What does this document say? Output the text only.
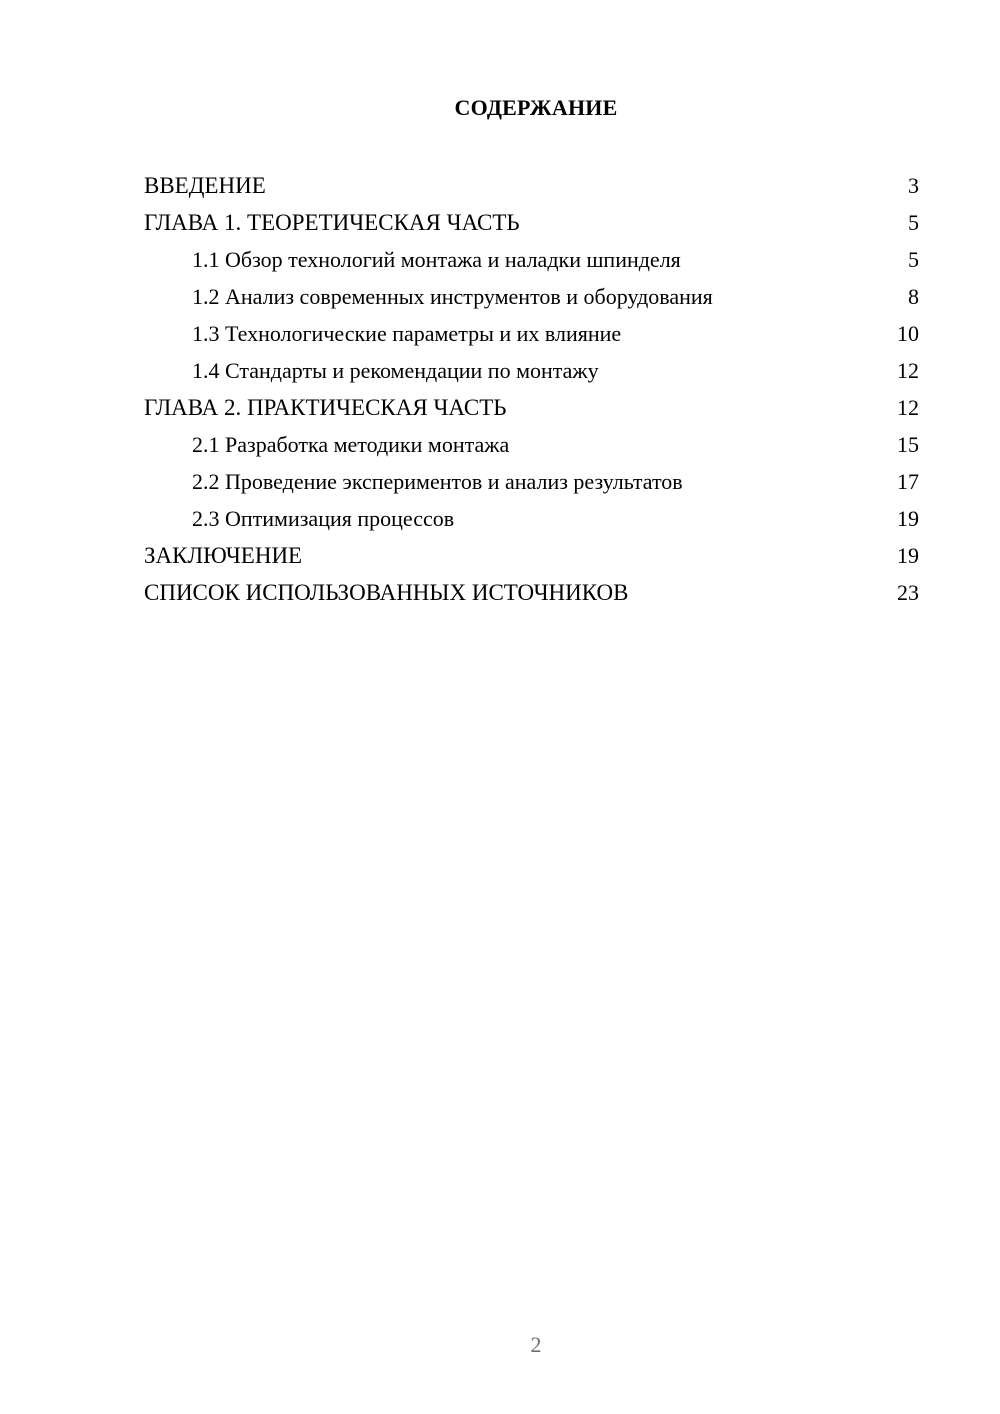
СОДЕРЖАНИЕ
ВВЕДЕНИЕ	3
ГЛАВА 1. ТЕОРЕТИЧЕСКАЯ ЧАСТЬ	5
1.1 Обзор технологий монтажа и наладки шпинделя	5
1.2 Анализ современных инструментов и оборудования	8
1.3 Технологические параметры и их влияние	10
1.4 Стандарты и рекомендации по монтажу	12
ГЛАВА 2. ПРАКТИЧЕСКАЯ ЧАСТЬ	12
2.1 Разработка методики монтажа	15
2.2 Проведение экспериментов и анализ результатов	17
2.3 Оптимизация процессов	19
ЗАКЛЮЧЕНИЕ	19
СПИСОК ИСПОЛЬЗОВАННЫХ ИСТОЧНИКОВ	23
2
